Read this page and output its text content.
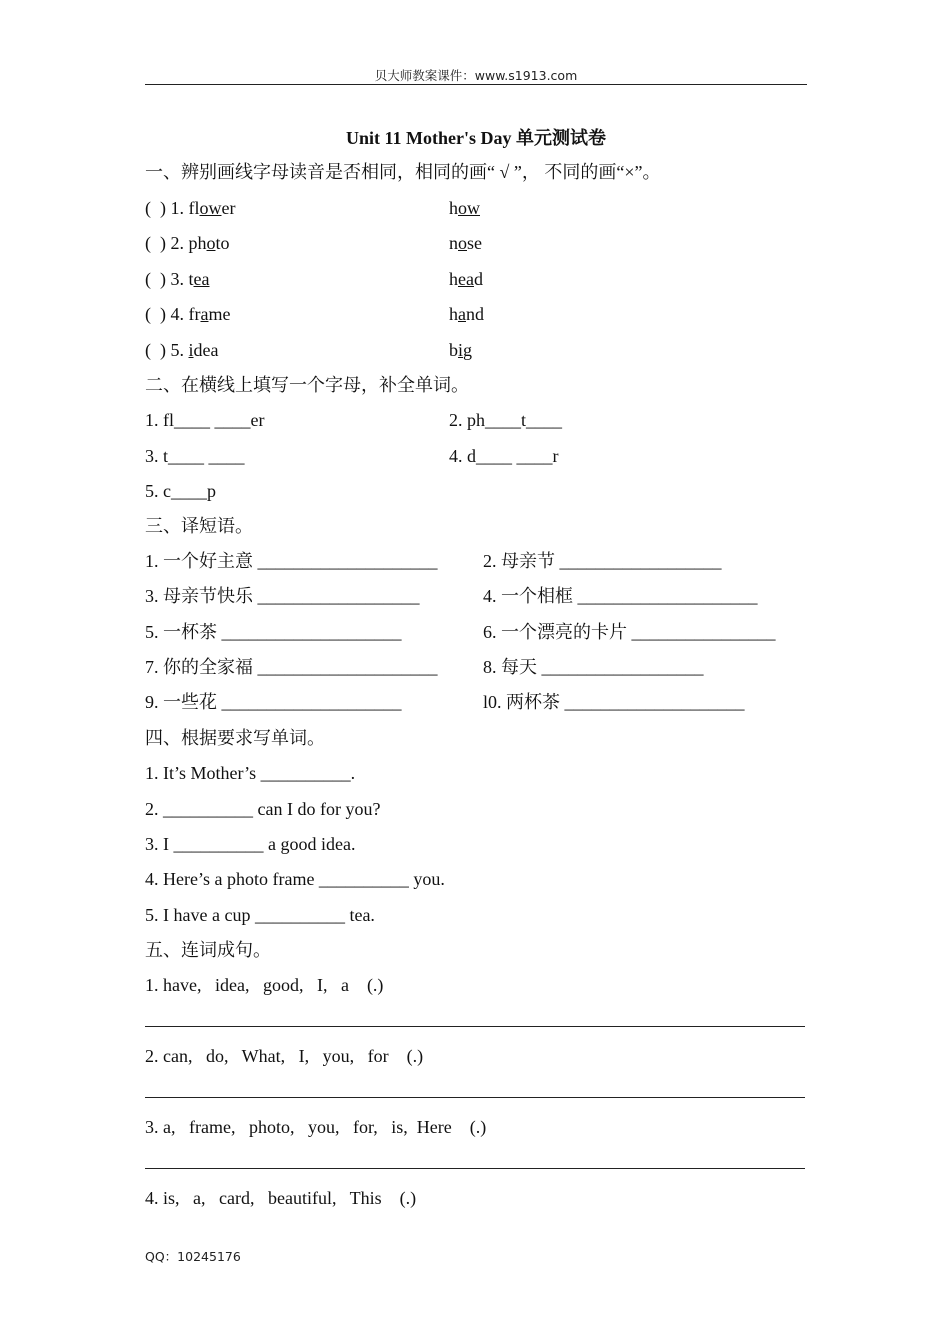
贝大师教案课件：www.s1913.com
Unit 11 Mother's Day 单元测试卷
一、辨别画线字母读音是否相同，相同的画“ √ ”， 不同的画“×”。
(  ) 1. flower	how
(  ) 2. photo	nose
(  ) 3. tea	head
(  ) 4. frame	hand
(  ) 5. idea	big
二、在横线上填写一个字母，补全单词。
1. fl____ ____er	2. ph____t____
3. t____ ____	4. d____ ____r
5. c____p
三、译短语。
1. 一个好主意 ____________________	2. 母亲节 __________________
3. 母亲节快乐 __________________	4. 一个相框 ____________________
5. 一杯茶 ____________________	6. 一个漂亮的卡片 ________________
7. 你的全家福 ____________________	8. 每天 __________________
9. 一些花 ____________________	l0. 两杯茶 ____________________
四、根据要求写单词。
1. It’s Mother’s __________.
2. __________ can I do for you?
3. I __________ a good idea.
4. Here’s a photo frame __________ you.
5. I have a cup __________ tea.
五、连词成句。
1. have,   idea,   good,   I,   a    (.)
2. can,   do,   What,   I,   you,   for    (.)
3. a,   frame,   photo,   you,   for,   is,  Here    (.)
4. is,   a,   card,   beautiful,   This    (.)
QQ：10245176
